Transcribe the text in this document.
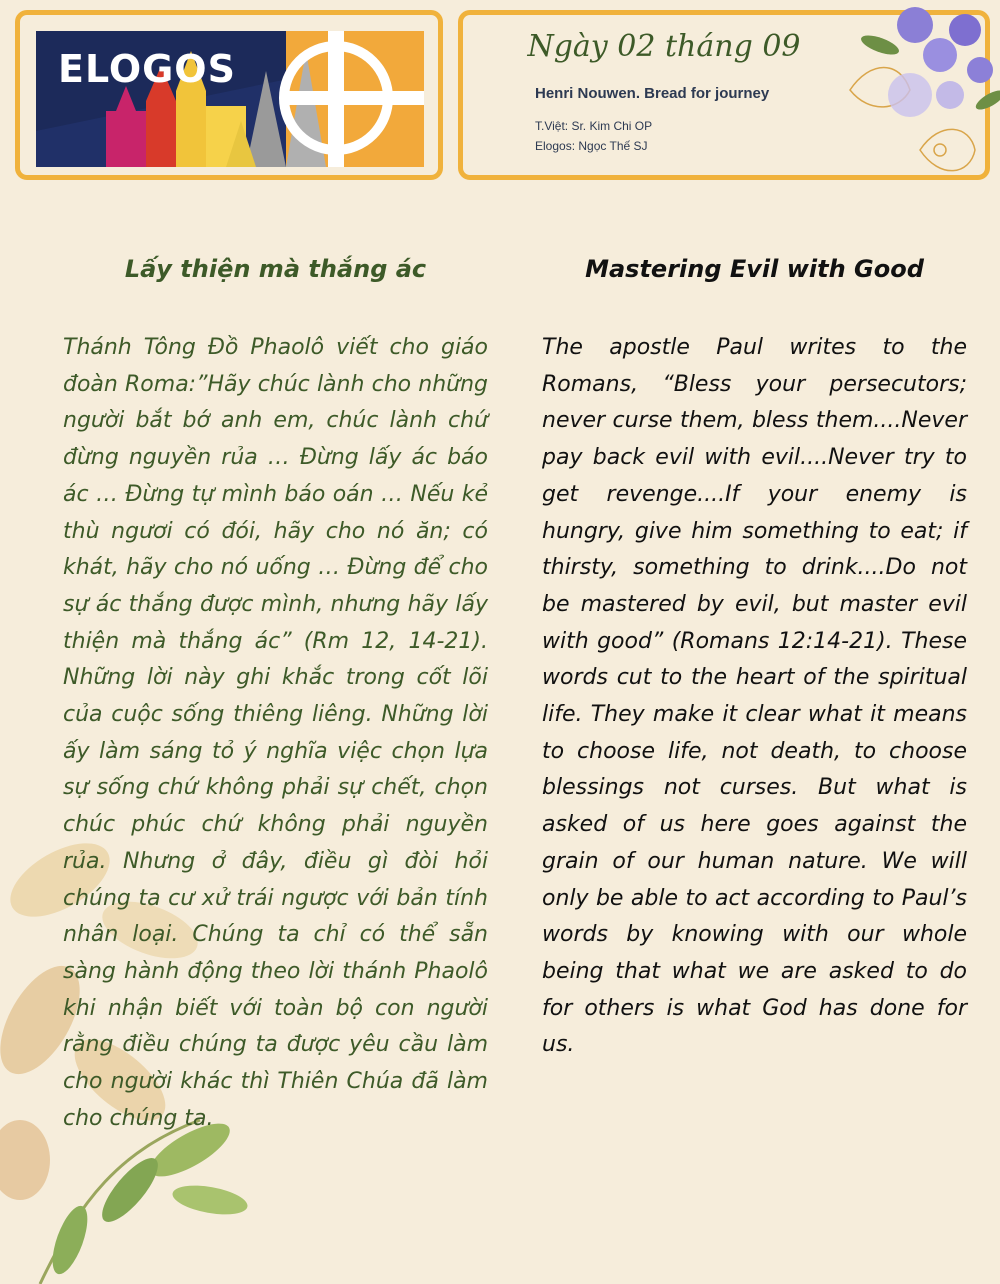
ELOGOS
Ngày 02 tháng 09
Henri Nouwen. Bread for journey
T.Việt: Sr. Kim Chi OP
Elogos: Ngọc Thế SJ
Lấy thiện mà thắng ác

Thánh Tông Đồ Phaolô viết cho giáo đoàn Roma:”Hãy chúc lành cho những người bắt bớ anh em, chúc lành chứ đừng nguyền rủa … Đừng lấy ác báo ác … Đừng tự mình báo oán … Nếu kẻ thù ngươi có đói, hãy cho nó ăn; có khát, hãy cho nó uống … Đừng để cho sự ác thắng được mình, nhưng hãy lấy thiện mà thắng ác” (Rm 12, 14-21). Những lời này ghi khắc trong cốt lõi của cuộc sống thiêng liêng. Những lời ấy làm sáng tỏ ý nghĩa việc chọn lựa sự sống chứ không phải sự chết, chọn chúc phúc chứ không phải nguyền rủa. Nhưng ở đây, điều gì đòi hỏi chúng ta cư xử trái ngược với bản tính nhân loại. Chúng ta chỉ có thể sẵn sàng hành động theo lời thánh Phaolô khi nhận biết với toàn bộ con người rằng điều chúng ta được yêu cầu làm cho người khác thì Thiên Chúa đã làm cho chúng ta.

Mastering Evil with Good

The apostle Paul writes to the Romans, “Bless your persecutors; never curse them, bless them....Never pay back evil with evil....Never try to get revenge....If your enemy is hungry, give him something to eat; if thirsty, something to drink....Do not be mastered by evil, but master evil with good” (Romans 12:14-21). These words cut to the heart of the spiritual life. They make it clear what it means to choose life, not death, to choose blessings not curses. But what is asked of us here goes against the grain of our human nature. We will only be able to act according to Paul’s words by knowing with our whole being that what we are asked to do for others is what God has done for us.
